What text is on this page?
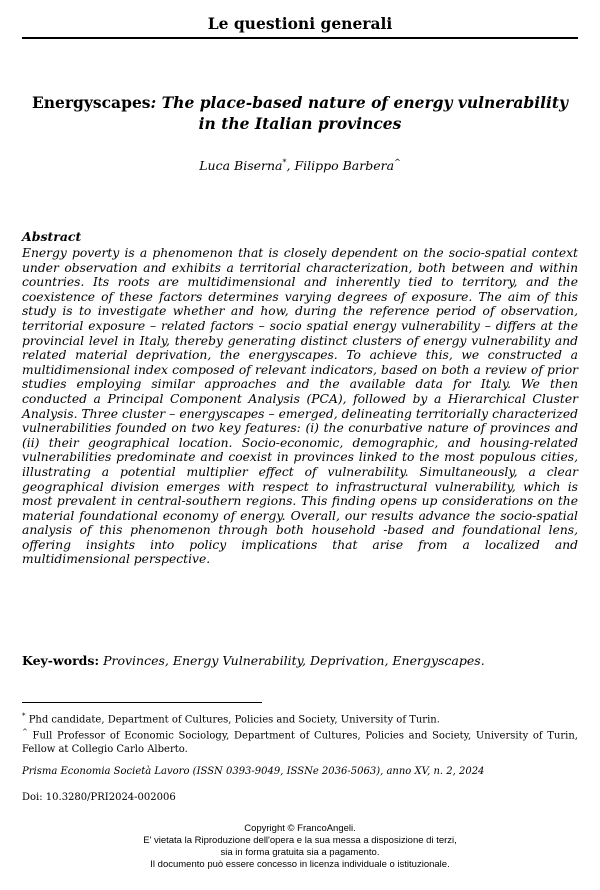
Le questioni generali
Energyscapes: The place-based nature of energy vulnerability in the Italian provinces
Luca Biserna*, Filippo Barbera^
Abstract

Energy poverty is a phenomenon that is closely dependent on the socio-spatial context under observation and exhibits a territorial characterization, both between and within countries. Its roots are multidimensional and inherently tied to territory, and the coexistence of these factors determines varying degrees of exposure. The aim of this study is to investigate whether and how, during the reference period of observation, territorial exposure – related factors – socio spatial energy vulnerability – differs at the provincial level in Italy, thereby generating distinct clusters of energy vulnerability and related material deprivation, the energyscapes. To achieve this, we constructed a multidimensional index composed of relevant indicators, based on both a review of prior studies employing similar approaches and the available data for Italy. We then conducted a Principal Component Analysis (PCA), followed by a Hierarchical Cluster Analysis. Three cluster – energyscapes – emerged, delineating territorially characterized vulnerabilities founded on two key features: (i) the conurbative nature of provinces and (ii) their geographical location. Socio-economic, demographic, and housing-related vulnerabilities predominate and coexist in provinces linked to the most populous cities, illustrating a potential multiplier effect of vulnerability. Simultaneously, a clear geographical division emerges with respect to infrastructural vulnerability, which is most prevalent in central-southern regions. This finding opens up considerations on the material foundational economy of energy. Overall, our results advance the socio-spatial analysis of this phenomenon through both household -based and foundational lens, offering insights into policy implications that arise from a localized and multidimensional perspective.

Key-words: Provinces, Energy Vulnerability, Deprivation, Energyscapes.
* Phd candidate, Department of Cultures, Policies and Society, University of Turin.
^ Full Professor of Economic Sociology, Department of Cultures, Policies and Society, University of Turin, Fellow at Collegio Carlo Alberto.
Prisma Economia Società Lavoro (ISSN 0393-9049, ISSNe 2036-5063), anno XV, n. 2, 2024
Doi: 10.3280/PRI2024-002006
Copyright © FrancoAngeli.
E' vietata la Riproduzione dell'opera e la sua messa a disposizione di terzi,
sia in forma gratuita sia a pagamento.
Il documento può essere concesso in licenza individuale o istituzionale.
